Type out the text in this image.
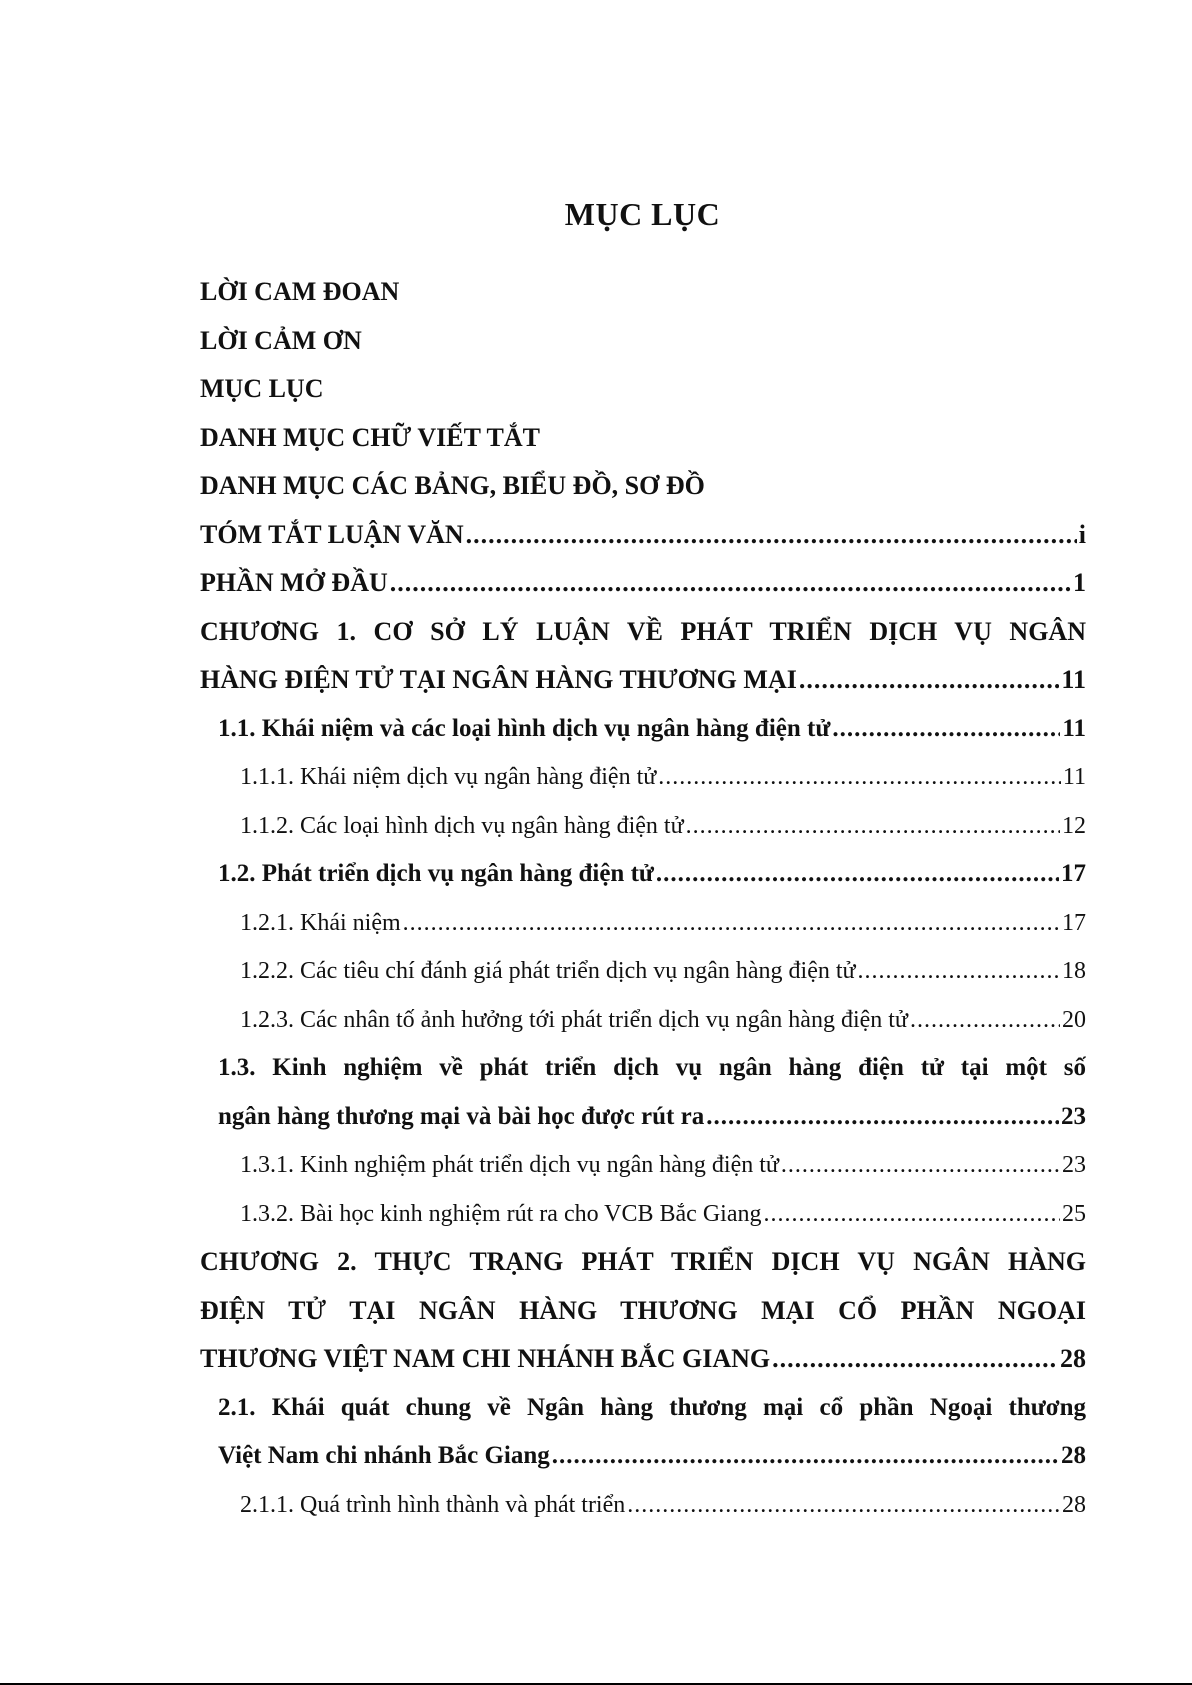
MỤC LỤC
LỜI CAM ĐOAN
LỜI CẢM ƠN
MỤC LỤC
DANH MỤC CHỮ VIẾT TẮT
DANH MỤC CÁC BẢNG, BIỂU ĐỒ, SƠ ĐỒ
TÓM TẮT LUẬN VĂN .....	i
PHẦN MỞ ĐẦU .....	1
CHƯƠNG 1. CƠ SỞ LÝ LUẬN VỀ PHÁT TRIỂN DỊCH VỤ NGÂN
HÀNG ĐIỆN TỬ TẠI NGÂN HÀNG THƯƠNG MẠI .....	11
1.1. Khái niệm và các loại hình dịch vụ ngân hàng điện tử .....	11
1.1.1. Khái niệm dịch vụ ngân hàng điện tử .....	11
1.1.2. Các loại hình dịch vụ ngân hàng điện tử .....	12
1.2. Phát triển dịch vụ ngân hàng điện tử .....	17
1.2.1. Khái niệm .....	17
1.2.2. Các tiêu chí đánh giá phát triển dịch vụ ngân hàng điện tử .....	18
1.2.3. Các nhân tố ảnh hưởng tới phát triển dịch vụ ngân hàng điện tử .....	20
1.3. Kinh nghiệm về phát triển dịch vụ ngân hàng điện tử tại một số
ngân hàng thương mại và bài học được rút ra .....	23
1.3.1. Kinh nghiệm phát triển dịch vụ ngân hàng điện tử .....	23
1.3.2. Bài học kinh nghiệm rút ra cho VCB Bắc Giang .....	25
CHƯƠNG 2. THỰC TRẠNG PHÁT TRIỂN DỊCH VỤ NGÂN HÀNG
ĐIỆN TỬ TẠI NGÂN HÀNG THƯƠNG MẠI CỔ PHẦN NGOẠI
THƯƠNG VIỆT NAM CHI NHÁNH BẮC GIANG .....	28
2.1. Khái quát chung về Ngân hàng thương mại cổ phần Ngoại thương
Việt Nam chi nhánh Bắc Giang .....	28
2.1.1. Quá trình hình thành và phát triển .....	28
